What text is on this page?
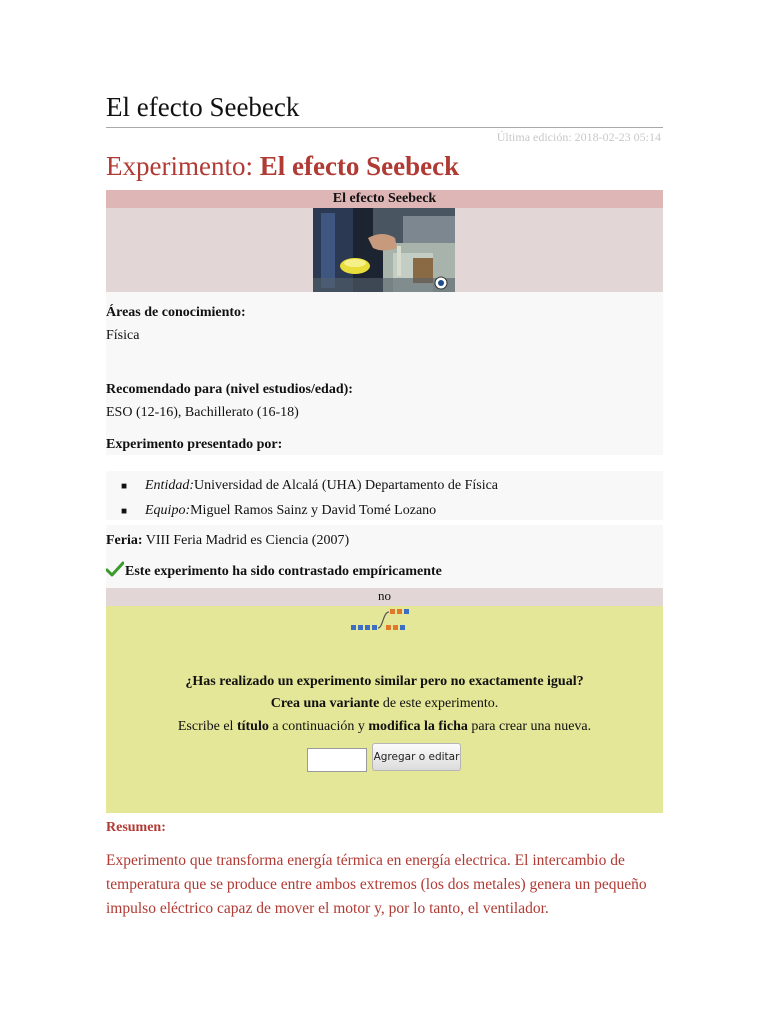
El efecto Seebeck
Última edición: 2018-02-23 05:14
Experimento: El efecto Seebeck
El efecto Seebeck
Áreas de conocimiento:
Física
Recomendado para (nivel estudios/edad):
ESO (12-16), Bachillerato (16-18)
Experimento presentado por:
■ Entidad:Universidad de Alcalá (UHA) Departamento de Física
■ Equipo:Miguel Ramos Sainz y David Tomé Lozano
Feria: VIII Feria Madrid es Ciencia (2007)
Este experimento ha sido contrastado empíricamente
no
¿Has realizado un experimento similar pero no exactamente igual?
Crea una variante de este experimento.
Escribe el título a continuación y modifica la ficha para crear una nueva.
Agregar o editar
Resumen:
Experimento que transforma energía térmica en energía electrica. El intercambio de temperatura que se produce entre ambos extremos (los dos metales) genera un pequeño impulso eléctrico capaz de mover el motor y, por lo tanto, el ventilador.
